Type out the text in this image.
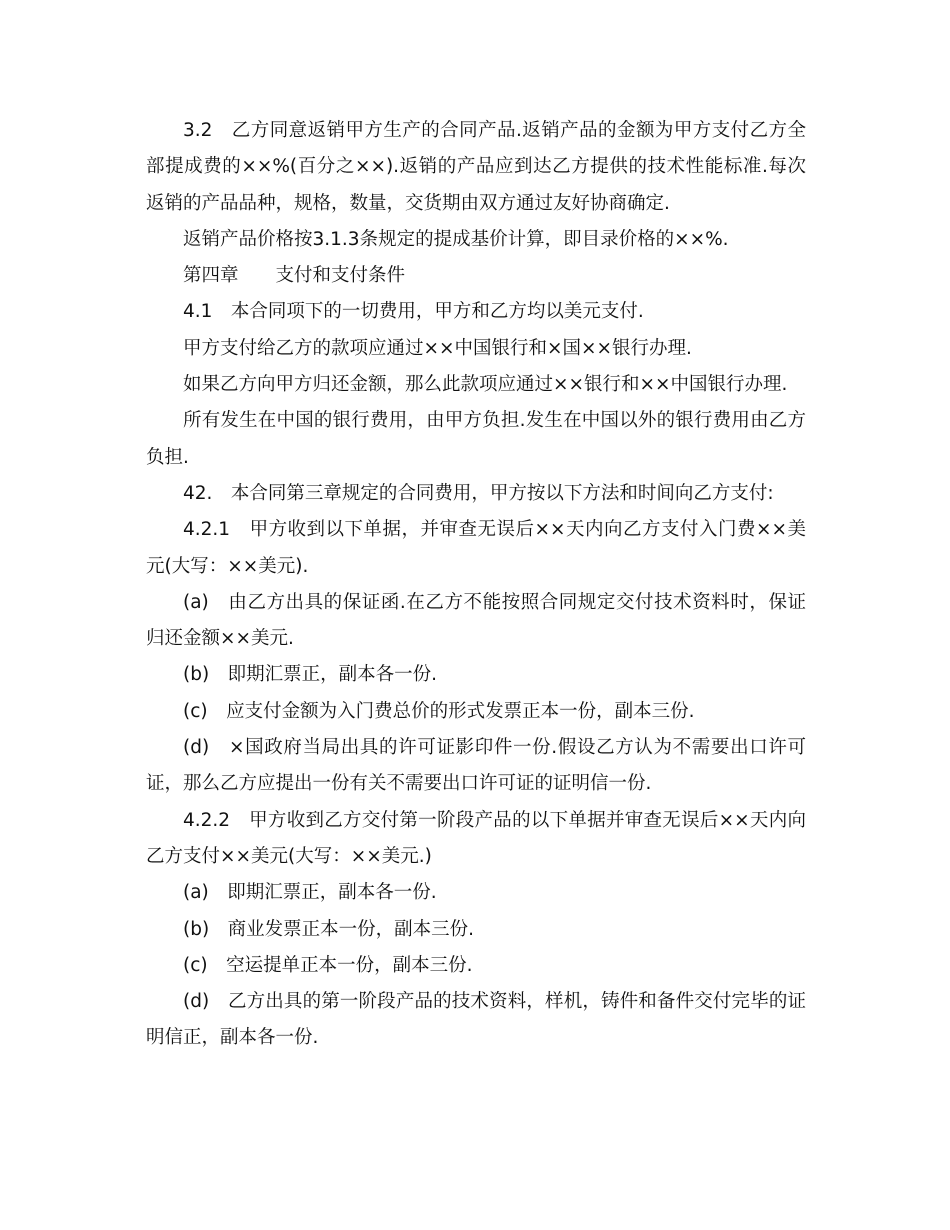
3.2　乙方同意返销甲方生产的合同产品.返销产品的金额为甲方支付乙方全部提成费的××%(百分之××).返销的产品应到达乙方提供的技术性能标准.每次返销的产品品种，规格，数量，交货期由双方通过友好协商确定.

返销产品价格按3.1.3条规定的提成基价计算，即目录价格的××%.

第四章　　支付和支付条件

4.1　本合同项下的一切费用，甲方和乙方均以美元支付.

甲方支付给乙方的款项应通过××中国银行和×国××银行办理.

如果乙方向甲方归还金额，那么此款项应通过××银行和××中国银行办理.

所有发生在中国的银行费用，由甲方负担.发生在中国以外的银行费用由乙方负担.

42.　本合同第三章规定的合同费用，甲方按以下方法和时间向乙方支付:

4.2.1　甲方收到以下单据，并审查无误后××天内向乙方支付入门费××美元(大写：××美元).

(a)　由乙方出具的保证函.在乙方不能按照合同规定交付技术资料时，保证归还金额××美元.

(b)　即期汇票正，副本各一份.

(c)　应支付金额为入门费总价的形式发票正本一份，副本三份.

(d)　×国政府当局出具的许可证影印件一份.假设乙方认为不需要出口许可证，那么乙方应提出一份有关不需要出口许可证的证明信一份.

4.2.2　甲方收到乙方交付第一阶段产品的以下单据并审查无误后××天内向乙方支付××美元(大写：××美元.)

(a)　即期汇票正，副本各一份.

(b)　商业发票正本一份，副本三份.

(c)　空运提单正本一份，副本三份.

(d)　乙方出具的第一阶段产品的技术资料，样机，铸件和备件交付完毕的证明信正，副本各一份.
